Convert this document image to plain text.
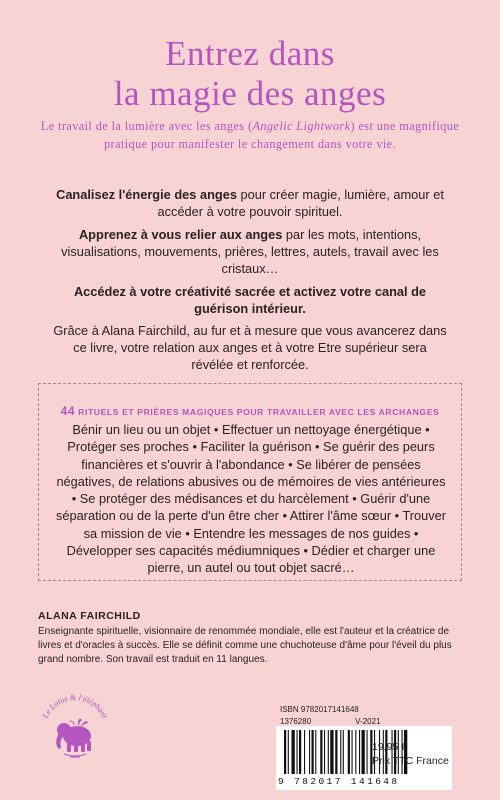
Entrez dans
la magie des anges
Le travail de la lumière avec les anges (Angelic Lightwork) est une magnifique pratique pour manifester le changement dans votre vie.
Canalisez l'énergie des anges pour créer magie, lumière, amour et accéder à votre pouvoir spirituel.
Apprenez à vous relier aux anges par les mots, intentions, visualisations, mouvements, prières, lettres, autels, travail avec les cristaux…
Accédez à votre créativité sacrée et activez votre canal de guérison intérieur.
Grâce à Alana Fairchild, au fur et à mesure que vous avancerez dans ce livre, votre relation aux anges et à votre Etre supérieur sera révélée et renforcée.
44 RITUELS ET PRIÈRES MAGIQUES POUR TRAVAILLER AVEC LES ARCHANGES
Bénir un lieu ou un objet • Effectuer un nettoyage énergétique • Protéger ses proches • Faciliter la guérison • Se guérir des peurs financières et s'ouvrir à l'abondance • Se libérer de pensées négatives, de relations abusives ou de mémoires de vies antérieures • Se protéger des médisances et du harcèlement • Guérir d'une séparation ou de la perte d'un être cher • Attirer l'âme sœur • Trouver sa mission de vie • Entendre les messages de nos guides • Développer ses capacités médiumniques • Dédier et charger une pierre, un autel ou tout objet sacré…
ALANA FAIRCHILD
Enseignante spirituelle, visionnaire de renommée mondiale, elle est l'auteur et la créatrice de livres et d'oracles à succès. Elle se définit comme une chuchoteuse d'âme pour l'éveil du plus grand nombre. Son travail est traduit en 11 langues.
Le Lotus & l'éléphant
ISBN 9782017141648
1376280	V-2021
9 782017 141648
19,95 €
Prix TTC France
